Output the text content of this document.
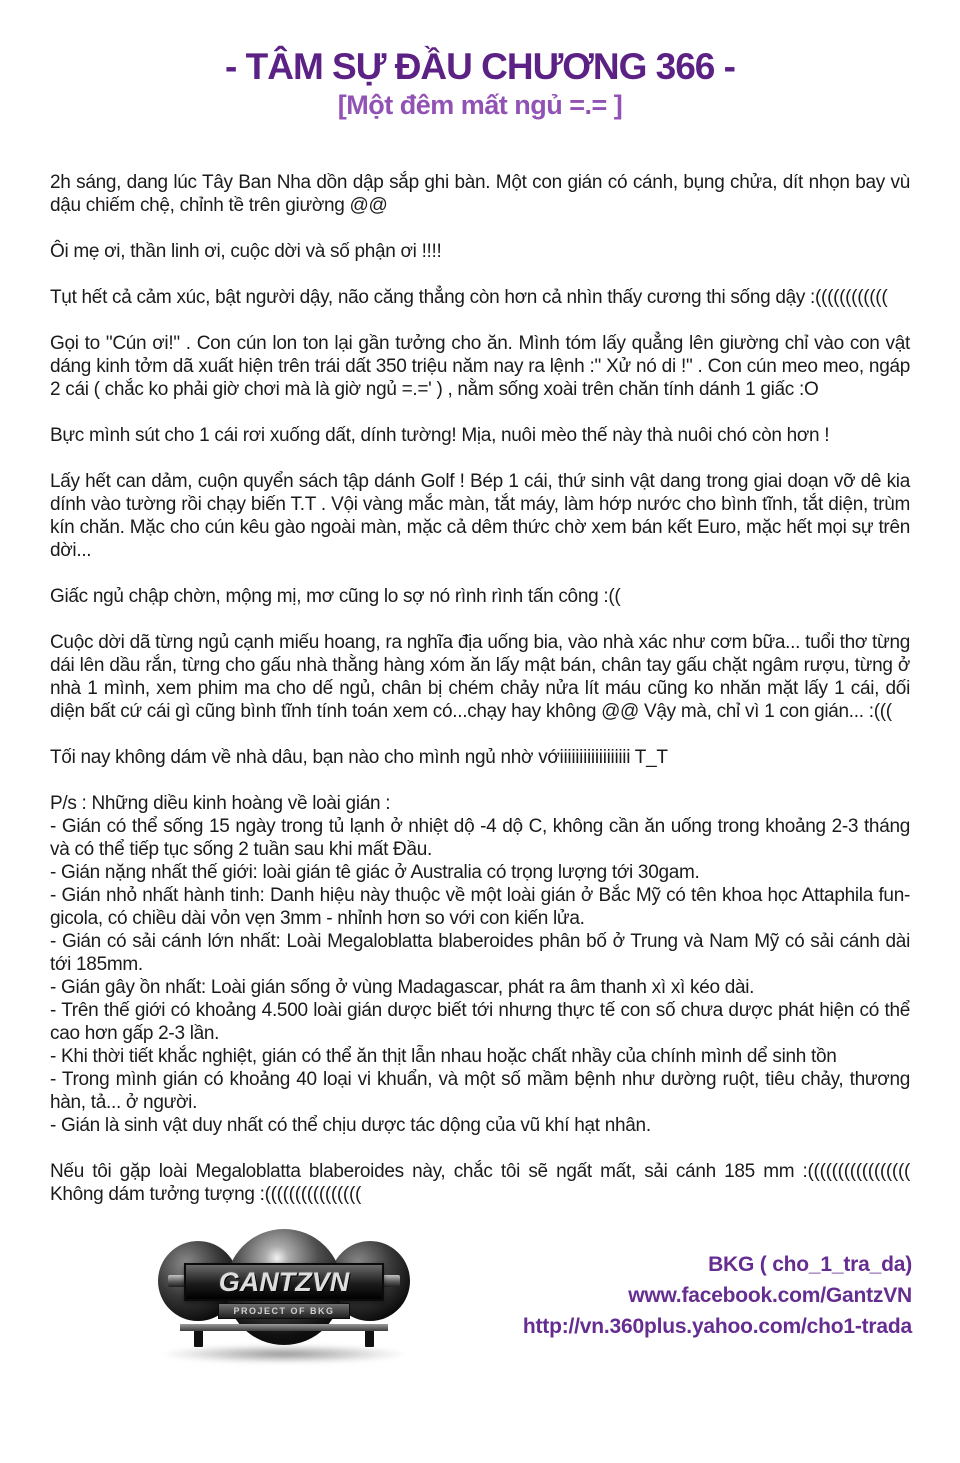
- TÂM SỰ ĐẦU CHƯƠNG 366 -
[Một đêm mất ngủ =.= ]

2h sáng, dang lúc Tây Ban Nha dồn dập sắp ghi bàn. Một con gián có cánh, bụng chửa, dít nhọn bay vù dậu chiếm chệ, chỉnh tề trên giường @@

Ôi mẹ ơi, thần linh ơi, cuộc dời và số phận ơi !!!!

Tụt hết cả cảm xúc, bật người dậy, não căng thẳng còn hơn cả nhìn thấy cương thi sống dậy :((((((((((((

Gọi to "Cún ơi!" . Con cún lon ton lại gần tưởng cho ăn. Mình tóm lấy quẳng lên giường chỉ vào con vật dáng kinh tởm dã xuất hiện trên trái dất 350 triệu năm nay ra lệnh :" Xử nó di !" . Con cún meo meo, ngáp 2 cái ( chắc ko phải giờ chơi mà là giờ ngủ =.=' ) , nằm sống xoài trên chăn tính dánh 1 giấc :O

Bực mình sút cho 1 cái rơi xuống dất, dính tường! Mịa, nuôi mèo thế này thà nuôi chó còn hơn !

Lấy hết can dảm, cuộn quyển sách tập dánh Golf ! Bép 1 cái, thứ sinh vật dang trong giai doạn vỡ dê kia dính vào tường rồi chạy biến T.T . Vội vàng mắc màn, tắt máy, làm hớp nước cho bình tĩnh, tắt diện, trùm kín chăn. Mặc cho cún kêu gào ngoài màn, mặc cả dêm thức chờ xem bán kết Euro, mặc hết mọi sự trên dời...

Giấc ngủ chập chờn, mộng mị, mơ cũng lo sợ nó rình rình tấn công :((

Cuộc dời dã từng ngủ cạnh miếu hoang, ra nghĩa địa uống bia, vào nhà xác như cơm bữa... tuổi thơ từng dái lên dầu rắn, từng cho gấu nhà thằng hàng xóm ăn lấy mật bán, chân tay gấu chặt ngâm rượu, từng ở nhà 1 mình, xem phim ma cho dế ngủ, chân bị chém chảy nửa lít máu cũng ko nhăn mặt lấy 1 cái, dối diện bất cứ cái gì cũng bình tĩnh tính toán xem có...chạy hay không @@ Vậy mà, chỉ vì 1 con gián... :(((

Tối nay không dám về nhà dâu, bạn nào cho mình ngủ nhờ vớiiiiiiiiiiiiiiiiii T_T

P/s : Những diều kinh hoàng về loài gián :
- Gián có thể sống 15 ngày trong tủ lạnh ở nhiệt dộ -4 dộ C, không cần ăn uống trong khoảng 2-3 tháng và có thể tiếp tục sống 2 tuần sau khi mất Đầu.
- Gián nặng nhất thế giới: loài gián tê giác ở Australia có trọng lượng tới 30gam.
- Gián nhỏ nhất hành tinh: Danh hiệu này thuộc về một loài gián ở Bắc Mỹ có tên khoa học Attaphila fun-gicola, có chiều dài vỏn vẹn 3mm - nhỉnh hơn so với con kiến lửa.
- Gián có sải cánh lớn nhất: Loài Megaloblatta blaberoides phân bố ở Trung và Nam Mỹ có sải cánh dài tới 185mm.
- Gián gây ồn nhất: Loài gián sống ở vùng Madagascar, phát ra âm thanh xì xì kéo dài.
- Trên thế giới có khoảng 4.500 loài gián dược biết tới nhưng thực tế con số chưa dược phát hiện có thể cao hơn gấp 2-3 lần.
- Khi thời tiết khắc nghiệt, gián có thể ăn thịt lẫn nhau hoặc chất nhầy của chính mình dể sinh tồn
- Trong mình gián có khoảng 40 loại vi khuẩn, và một số mầm bệnh như dường ruột, tiêu chảy, thương hàn, tả... ở người.
- Gián là sinh vật duy nhất có thể chịu dược tác dộng của vũ khí hạt nhân.

Nếu tôi gặp loài Megaloblatta blaberoides này, chắc tôi sẽ ngất mất, sải cánh 185 mm :((((((((((((((((( Không dám tưởng tượng :((((((((((((((((

GANTZVN
PROJECT OF BKG
BKG ( cho_1_tra_da)
www.facebook.com/GantzVN
http://vn.360plus.yahoo.com/cho1-trada
